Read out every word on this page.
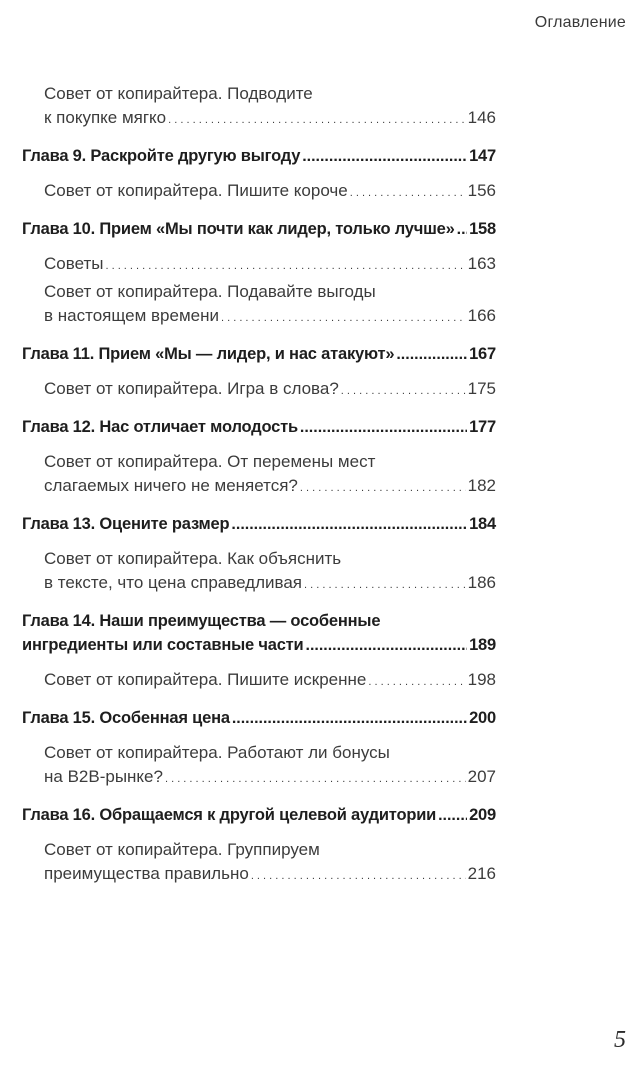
Оглавление
Совет от копирайтера. Подводите
к покупке мягко . . .	146
Глава 9. Раскройте другую выгоду .....	147
Совет от копирайтера. Пишите короче . . .	156
Глава 10. Прием «Мы почти как лидер, только лучше» ..... 158
Советы . . .	163
Совет от копирайтера. Подавайте выгоды
в настоящем времени . . .	166
Глава 11. Прием «Мы — лидер, и нас атакуют» .....	167
Совет от копирайтера. Игра в слова? . . .	175
Глава 12. Нас отличает молодость .....	177
Совет от копирайтера. От перемены мест
слагаемых ничего не меняется? . . .	182
Глава 13. Оцените размер .....	184
Совет от копирайтера. Как объяснить
в тексте, что цена справедливая . . .	186
Глава 14. Наши преимущества — особенные
ингредиенты или составные части .....	189
Совет от копирайтера. Пишите искренне . . .	198
Глава 15. Особенная цена .....	200
Совет от копирайтера. Работают ли бонусы
на B2B-рынке? . . .	207
Глава 16. Обращаемся к другой целевой аудитории ..... 209
Совет от копирайтера. Группируем
преимущества правильно . . .	216
5
